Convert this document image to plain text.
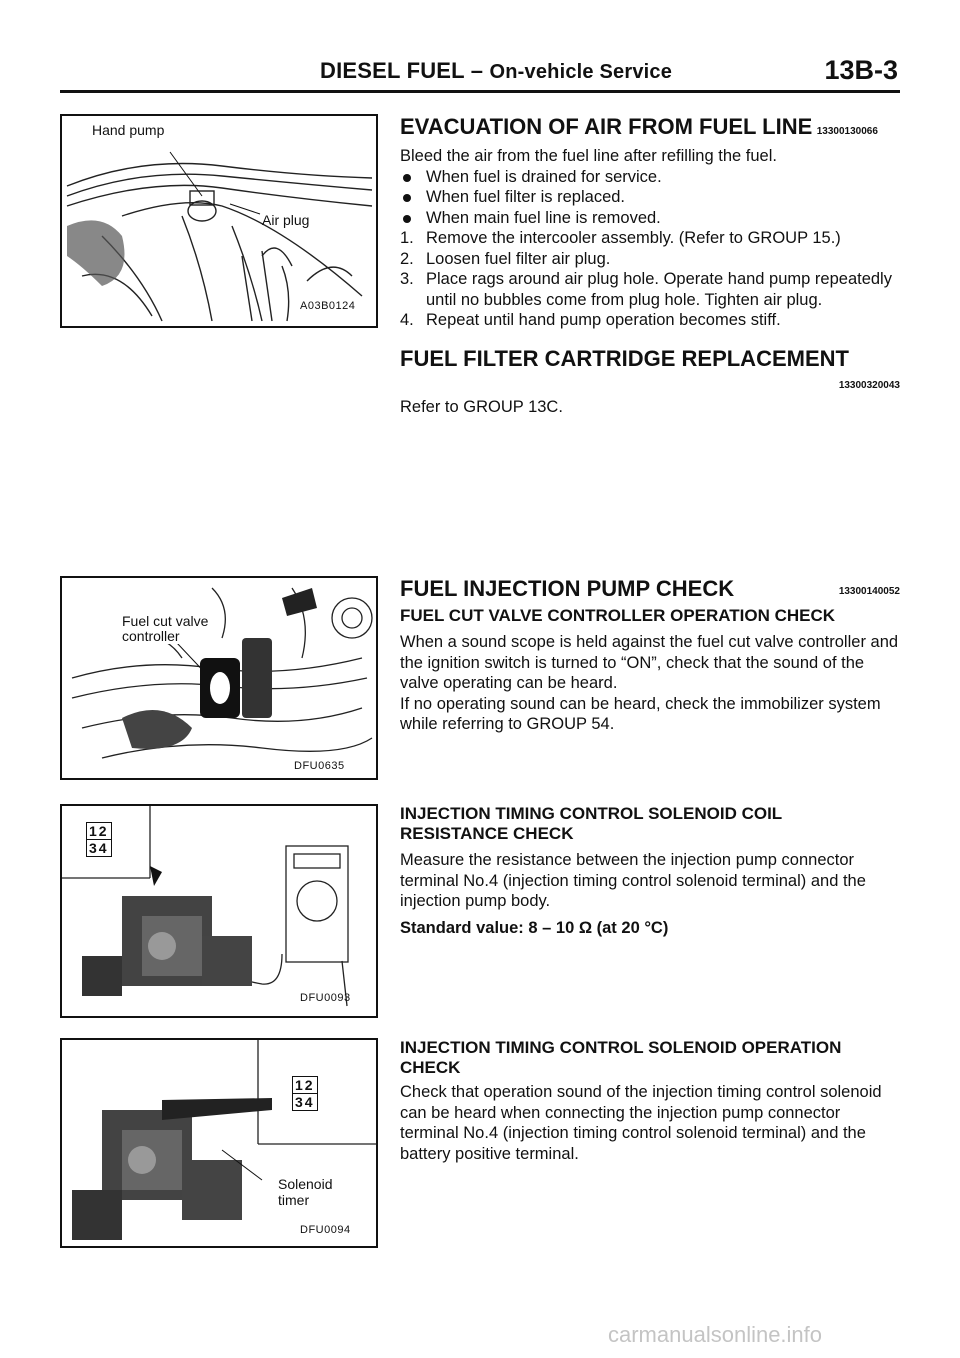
DIESEL FUEL – On-vehicle Service	13B-3
Hand pump
Air plug
A03B0124
Fuel cut valve
controller
DFU0635
12
34
DFU0093
12
34
Solenoid
timer
DFU0094
EVACUATION OF AIR FROM FUEL LINE 13300130066
Bleed the air from the fuel line after refilling the fuel.
When fuel is drained for service.
When fuel filter is replaced.
When main fuel line is removed.
1. Remove the intercooler assembly. (Refer to GROUP 15.)
2. Loosen fuel filter air plug.
3. Place rags around air plug hole. Operate hand pump repeatedly until no bubbles come from plug hole. Tighten air plug.
4. Repeat until hand pump operation becomes stiff.
FUEL FILTER CARTRIDGE REPLACEMENT
13300320043
Refer to GROUP 13C.
FUEL INJECTION PUMP CHECK	13300140052
FUEL CUT VALVE CONTROLLER OPERATION CHECK
When a sound scope is held against the fuel cut valve controller and the ignition switch is turned to “ON”, check that the sound of the valve operating can be heard.
If no operating sound can be heard, check the immobilizer system while referring to GROUP 54.
INJECTION TIMING CONTROL SOLENOID COIL
RESISTANCE CHECK
Measure the resistance between the injection pump connector terminal No.4 (injection timing control solenoid terminal) and the injection pump body.
Standard value: 8 – 10 Ω (at 20 °C)
INJECTION TIMING CONTROL SOLENOID OPERATION
CHECK
Check that operation sound of the injection timing control solenoid can be heard when connecting the injection pump connector terminal No.4 (injection timing control solenoid terminal) and the battery positive terminal.
carmanualsonline.info
